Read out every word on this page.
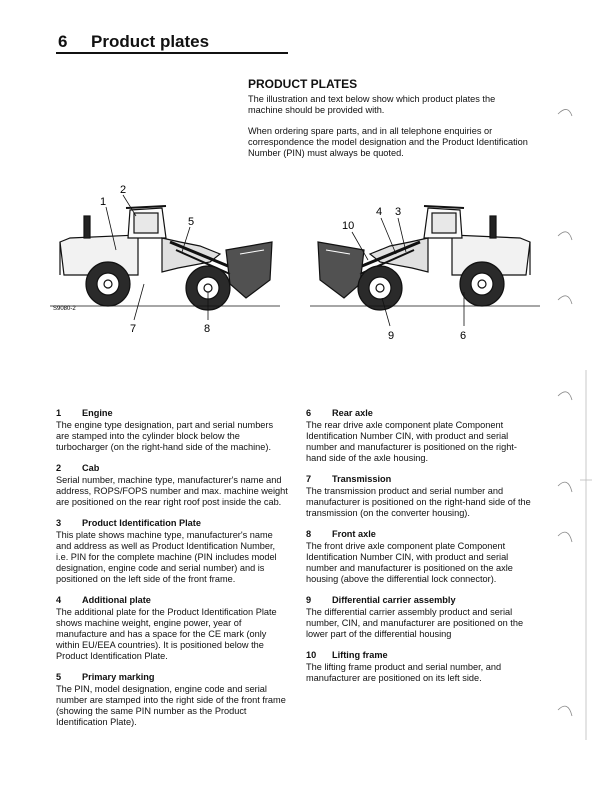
6 Product plates
PRODUCT PLATES

The illustration and text below show which product plates the machine should be provided with.

When ordering spare parts, and in all telephone enquiries or correspondence the model designation and the Product Identification Number (PIN) must always be quoted.

1
2
5
7	8
10
4 3
9	6
S9080-2
1	Engine

The engine type designation, part and serial numbers are stamped into the cylinder block below the turbocharger (on the right-hand side of the machine).

2	Cab

Serial number, machine type, manufacturer's name and address, ROPS/FOPS number and max. machine weight are positioned on the rear right roof post inside the cab.

3	Product Identification Plate

This plate shows machine type, manufacturer's name and address as well as Product Identification Number, i.e. PIN for the complete machine (PIN includes model designation, engine code and serial number) and is positioned on the left side of the front frame.

4	Additional plate

The additional plate for the Product Identification Plate shows machine weight, engine power, year of manufacture and has a space for the CE mark (only within EU/EEA countries). It is positioned below the Product Identification Plate.

5	Primary marking

The PIN, model designation, engine code and serial number are stamped into the right side of the front frame (showing the same PIN number as the Product Identification Plate).

6	Rear axle

The rear drive axle component plate Component Identification Number CIN, with product and serial number and manufacturer is positioned on the right-hand side of the axle housing.

7	Transmission

The transmission product and serial number and manufacturer is positioned on the right-hand side of the transmission (on the converter housing).

8	Front axle

The front drive axle component plate Component Identification Number CIN, with product and serial number and manufacturer is positioned on the axle housing (above the differential lock connector).

9	Differential carrier assembly

The differential carrier assembly product and serial number, CIN, and manufacturer are positioned on the lower part of the differential housing

10	Lifting frame

The lifting frame product and serial number, and manufacturer are positioned on its left side.
